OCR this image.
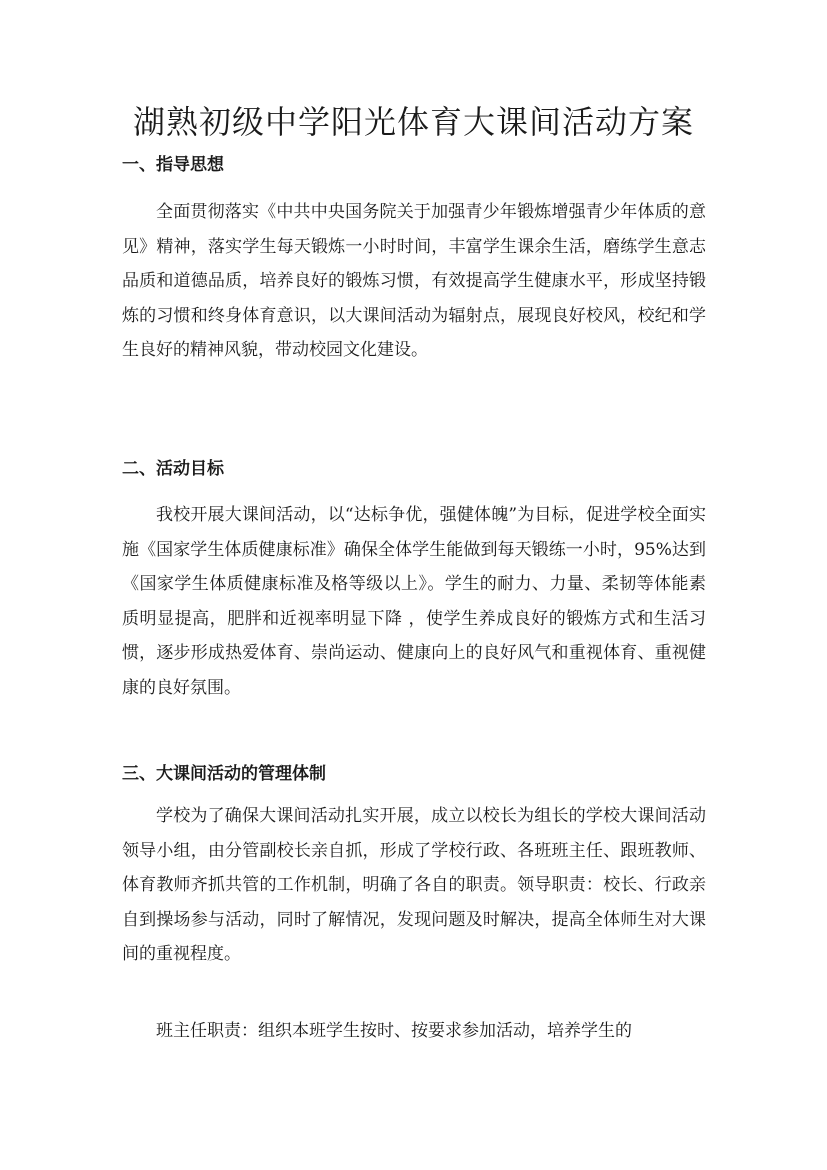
湖熟初级中学阳光体育大课间活动方案
一、指导思想

全面贯彻落实《中共中央国务院关于加强青少年锻炼增强青少年体质的意见》精神，落实学生每天锻炼一小时时间，丰富学生课余生活，磨练学生意志品质和道德品质，培养良好的锻炼习惯，有效提高学生健康水平，形成坚持锻炼的习惯和终身体育意识，以大课间活动为辐射点，展现良好校风，校纪和学生良好的精神风貌，带动校园文化建设。

二、活动目标

我校开展大课间活动，以“达标争优，强健体魄”为目标，促进学校全面实施《国家学生体质健康标准》确保全体学生能做到每天锻练一小时，95%达到《国家学生体质健康标准及格等级以上》。学生的耐力、力量、柔韧等体能素质明显提高，肥胖和近视率明显下降 ，使学生养成良好的锻炼方式和生活习惯，逐步形成热爱体育、崇尚运动、健康向上的良好风气和重视体育、重视健康的良好氛围。

三、大课间活动的管理体制

学校为了确保大课间活动扎实开展，成立以校长为组长的学校大课间活动领导小组，由分管副校长亲自抓，形成了学校行政、各班班主任、跟班教师、体育教师齐抓共管的工作机制，明确了各自的职责。领导职责：校长、行政亲自到操场参与活动，同时了解情况，发现问题及时解决，提高全体师生对大课间的重视程度。

班主任职责：组织本班学生按时、按要求参加活动，培养学生的
